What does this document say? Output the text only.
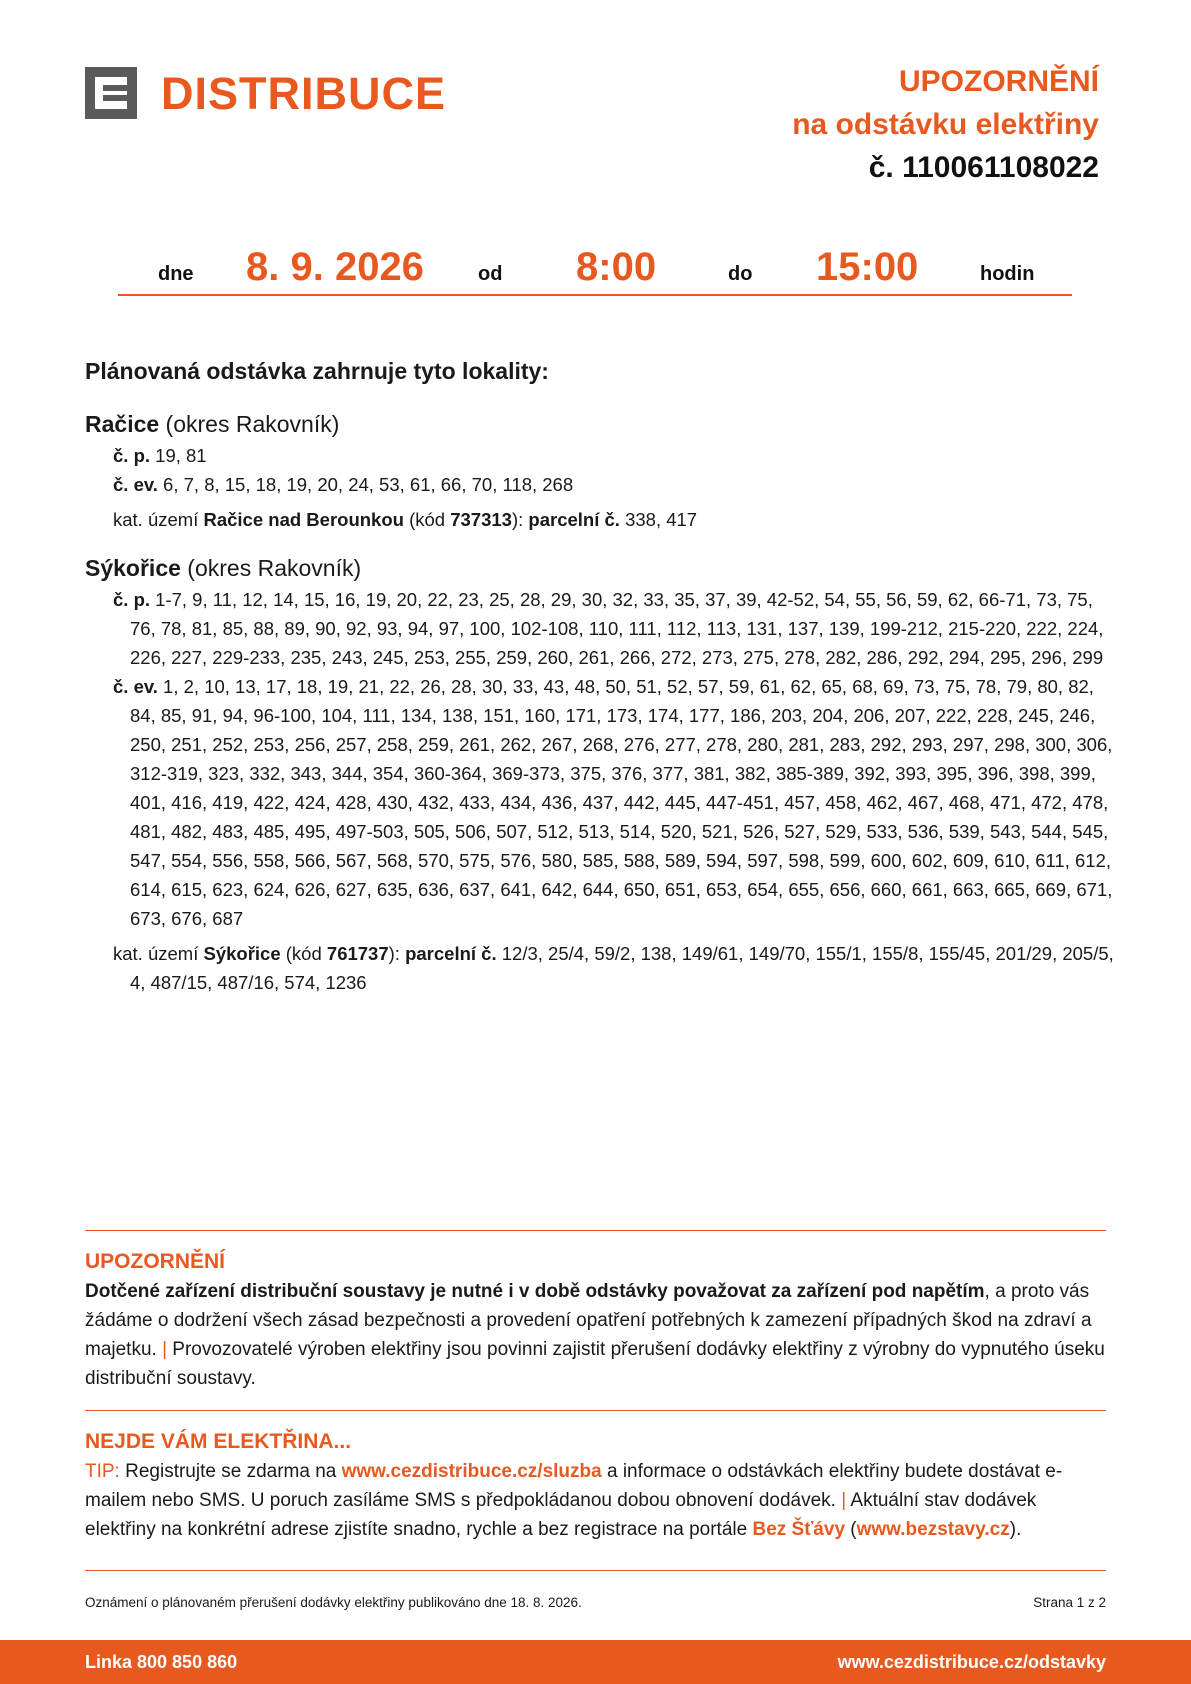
DISTRIBUCE	UPOZORNĚNÍ
na odstávku elektřiny
č. 110061108022
dne 8. 9. 2026	od 8:00	do 15:00	hodin
Plánovaná odstávka zahrnuje tyto lokality:
Račice (okres Rakovník)
č. p. 19, 81
č. ev. 6, 7, 8, 15, 18, 19, 20, 24, 53, 61, 66, 70, 118, 268
kat. území Račice nad Berounkou (kód 737313): parcelní č. 338, 417
Sýkořice (okres Rakovník)
č. p. 1-7, 9, 11, 12, 14, 15, 16, 19, 20, 22, 23, 25, 28, 29, 30, 32, 33, 35, 37, 39, 42-52, 54, 55, 56, 59, 62, 66-71, 73, 75, 76, 78, 81, 85, 88, 89, 90, 92, 93, 94, 97, 100, 102-108, 110, 111, 112, 113, 131, 137, 139, 199-212, 215-220, 222, 224, 226, 227, 229-233, 235, 243, 245, 253, 255, 259, 260, 261, 266, 272, 273, 275, 278, 282, 286, 292, 294, 295, 296, 299
č. ev. 1, 2, 10, 13, 17, 18, 19, 21, 22, 26, 28, 30, 33, 43, 48, 50, 51, 52, 57, 59, 61, 62, 65, 68, 69, 73, 75, 78, 79, 80, 82, 84, 85, 91, 94, 96-100, 104, 111, 134, 138, 151, 160, 171, 173, 174, 177, 186, 203, 204, 206, 207, 222, 228, 245, 246, 250, 251, 252, 253, 256, 257, 258, 259, 261, 262, 267, 268, 276, 277, 278, 280, 281, 283, 292, 293, 297, 298, 300, 306, 312-319, 323, 332, 343, 344, 354, 360-364, 369-373, 375, 376, 377, 381, 382, 385-389, 392, 393, 395, 396, 398, 399, 401, 416, 419, 422, 424, 428, 430, 432, 433, 434, 436, 437, 442, 445, 447-451, 457, 458, 462, 467, 468, 471, 472, 478, 481, 482, 483, 485, 495, 497-503, 505, 506, 507, 512, 513, 514, 520, 521, 526, 527, 529, 533, 536, 539, 543, 544, 545, 547, 554, 556, 558, 566, 567, 568, 570, 575, 576, 580, 585, 588, 589, 594, 597, 598, 599, 600, 602, 609, 610, 611, 612, 614, 615, 623, 624, 626, 627, 635, 636, 637, 641, 642, 644, 650, 651, 653, 654, 655, 656, 660, 661, 663, 665, 669, 671, 673, 676, 687
kat. území Sýkořice (kód 761737): parcelní č. 12/3, 25/4, 59/2, 138, 149/61, 149/70, 155/1, 155/8, 155/45, 201/29, 205/5, 4, 487/15, 487/16, 574, 1236
UPOZORNĚNÍ
Dotčené zařízení distribuční soustavy je nutné i v době odstávky považovat za zařízení pod napětím, a proto vás žádáme o dodržení všech zásad bezpečnosti a provedení opatření potřebných k zamezení případných škod na zdraví a majetku. | Provozovatelé výroben elektřiny jsou povinni zajistit přerušení dodávky elektřiny z výrobny do vypnutého úseku distribuční soustavy.
NEJDE VÁM ELEKTŘINA...
TIP: Registrujte se zdarma na www.cezdistribuce.cz/sluzba a informace o odstávkách elektřiny budete dostávat e-mailem nebo SMS. U poruch zasíláme SMS s předpokládanou dobou obnovení dodávek. | Aktuální stav dodávek elektřiny na konkrétní adrese zjistíte snadno, rychle a bez registrace na portále Bez Šťávy (www.bezstavy.cz).
Oznámení o plánovaném přerušení dodávky elektřiny publikováno dne 18. 8. 2026.	Strana 1 z 2
Linka 800 850 860	www.cezdistribuce.cz/odstavky
